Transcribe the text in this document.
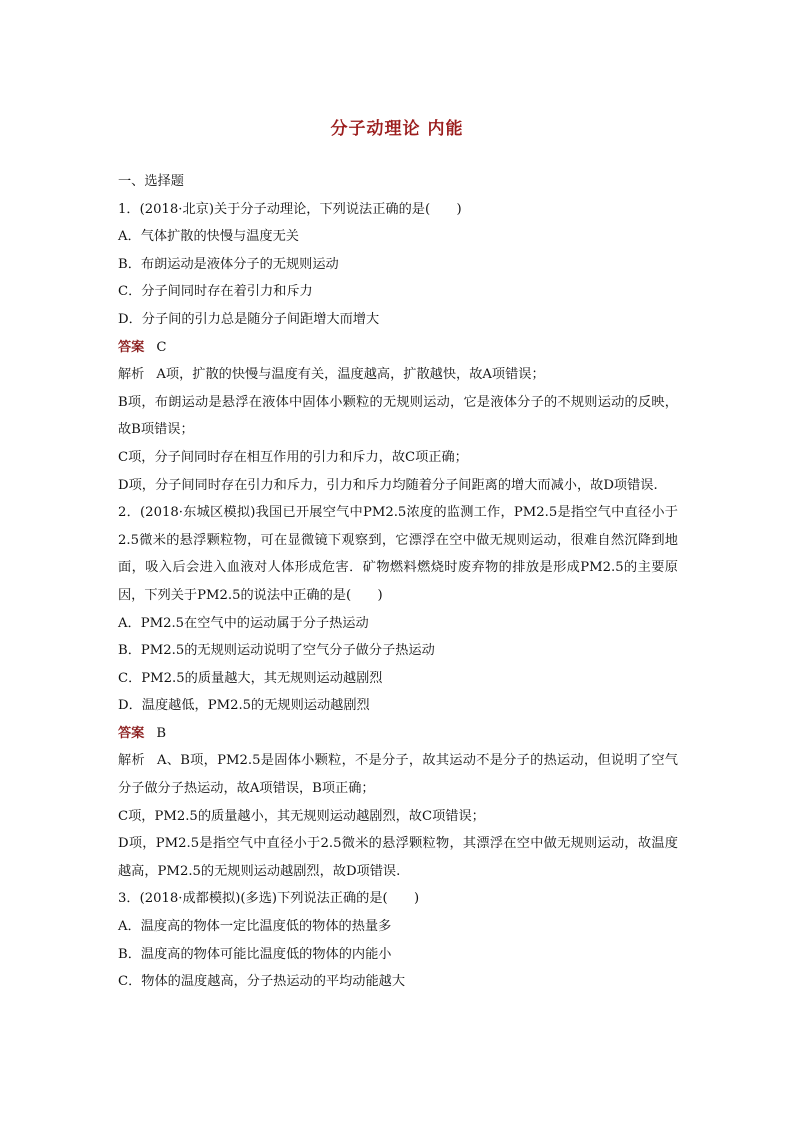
分子动理论 内能
一、选择题
1．(2018·北京)关于分子动理论，下列说法正确的是(　　)
A．气体扩散的快慢与温度无关
B．布朗运动是液体分子的无规则运动
C．分子间同时存在着引力和斥力
D．分子间的引力总是随分子间距增大而增大
答案 C
解析 A项，扩散的快慢与温度有关，温度越高，扩散越快，故A项错误；
B项，布朗运动是悬浮在液体中固体小颗粒的无规则运动，它是液体分子的不规则运动的反映，故B项错误；
C项，分子间同时存在相互作用的引力和斥力，故C项正确；
D项，分子间同时存在引力和斥力，引力和斥力均随着分子间距离的增大而减小，故D项错误.
2．(2018·东城区模拟)我国已开展空气中PM2.5浓度的监测工作，PM2.5是指空气中直径小于2.5微米的悬浮颗粒物，可在显微镜下观察到，它漂浮在空中做无规则运动，很难自然沉降到地面，吸入后会进入血液对人体形成危害．矿物燃料燃烧时废弃物的排放是形成PM2.5的主要原因，下列关于PM2.5的说法中正确的是(　　)
A．PM2.5在空气中的运动属于分子热运动
B．PM2.5的无规则运动说明了空气分子做分子热运动
C．PM2.5的质量越大，其无规则运动越剧烈
D．温度越低，PM2.5的无规则运动越剧烈
答案 B
解析 A、B项，PM2.5是固体小颗粒，不是分子，故其运动不是分子的热运动，但说明了空气分子做分子热运动，故A项错误，B项正确；
C项，PM2.5的质量越小，其无规则运动越剧烈，故C项错误；
D项，PM2.5是指空气中直径小于2.5微米的悬浮颗粒物，其漂浮在空中做无规则运动，故温度越高，PM2.5的无规则运动越剧烈，故D项错误.
3．(2018·成都模拟)(多选)下列说法正确的是(　　)
A．温度高的物体一定比温度低的物体的热量多
B．温度高的物体可能比温度低的物体的内能小
C．物体的温度越高，分子热运动的平均动能越大
